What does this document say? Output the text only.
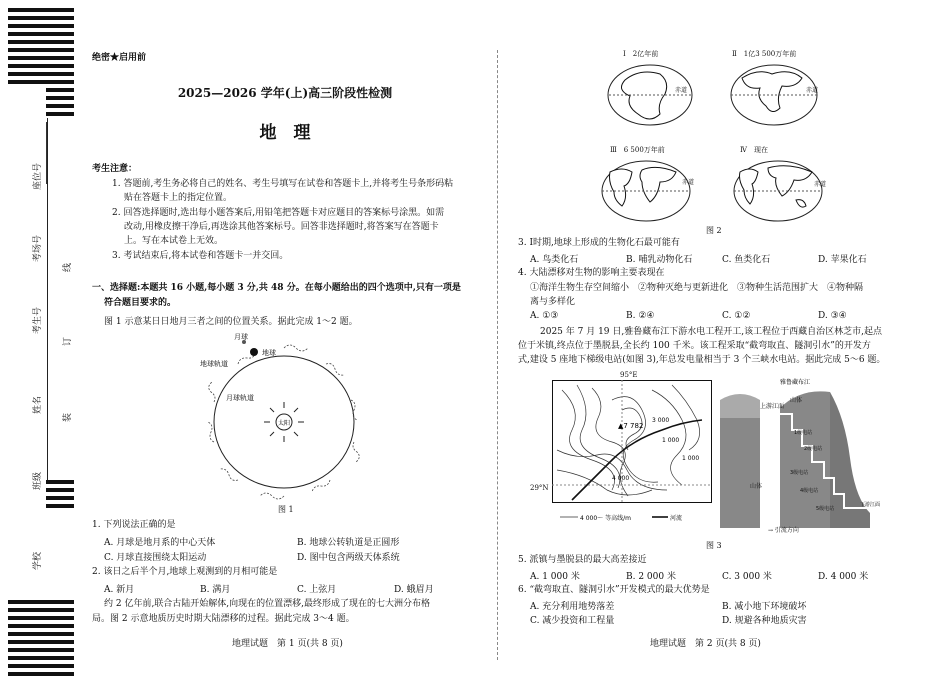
座位号
考场号
考生号
姓名
班级
学校
线
订
装
绝密★启用前
2025—2026 学年(上)高三阶段性检测
地　理
考生注意：
1. 答题前,考生务必将自己的姓名、考生号填写在试卷和答题卡上,并将考生号条形码粘
贴在答题卡上的指定位置。
2. 回答选择题时,选出每小题答案后,用铅笔把答题卡对应题目的答案标号涂黑。如需
改动,用橡皮擦干净后,再选涂其他答案标号。回答非选择题时,将答案写在答题卡
上。写在本试卷上无效。
3. 考试结束后,将本试卷和答题卡一并交回。
一、选择题:本题共 16 小题,每小题 3 分,共 48 分。在每小题给出的四个选项中,只有一项是
符合题目要求的。
图 1 示意某日日地月三者之间的位置关系。据此完成 1～2 题。
月球
地球
地球轨道
月球轨道
太阳
图 1
1. 下列说法正确的是
A. 月球是地月系的中心天体	B. 地球公转轨道是正圆形
C. 月球直接围绕太阳运动	D. 图中包含两级天体系统
2. 该日之后半个月,地球上观测到的月相可能是
A. 新月	B. 满月	C. 上弦月	D. 蛾眉月
约 2 亿年前,联合古陆开始解体,向现在的位置漂移,最终形成了现在的七大洲分布格
局。图 2 示意地质历史时期大陆漂移的过程。据此完成 3～4 题。
地理试题　第 1 页(共 8 页)
Ⅰ　2亿年前
赤道
Ⅱ　1亿3 500万年前
赤道
Ⅲ　6 500万年前
赤道
Ⅳ　现在
赤道
图 2
3. Ⅰ时期,地球上形成的生物化石最可能有
A. 鸟类化石	B. 哺乳动物化石	C. 鱼类化石	D. 苹果化石
4. 大陆漂移对生物的影响主要表现在
①海洋生物生存空间缩小　②物种灭绝与更新进化　③物种生活范围扩大　④物种隔
离与多样化
A. ①③	B. ②④	C. ①②	D. ③④
2025 年 7 月 19 日,雅鲁藏布江下游水电工程开工,该工程位于西藏自治区林芝市,起点
位于米镇,终点位于墨脱县,全长约 100 千米。该工程采取“截弯取直、隧洞引水”的开发方
式,建设 5 座地下梯级电站(如图 3),年总发电量相当于 3 个三峡水电站。据此完成 5～6 题。
95°E
▲7 782
3 000
1 000
1 000
4 000
4 000～ 等高线/m	河流
29°N
雅鲁藏布江
上游江面
山体
山体
1级电站
2级电站
3级电站
4级电站
5级电站
下游江面
→ 引流方向
图 3
5. 派镇与墨脱县的最大高差接近
A. 1 000 米	B. 2 000 米	C. 3 000 米	D. 4 000 米
6. “截弯取直、隧洞引水”开发模式的最大优势是
A. 充分利用地势落差	B. 减小地下环境破坏
C. 减少投资和工程量	D. 规避各种地质灾害
地理试题　第 2 页(共 8 页)
